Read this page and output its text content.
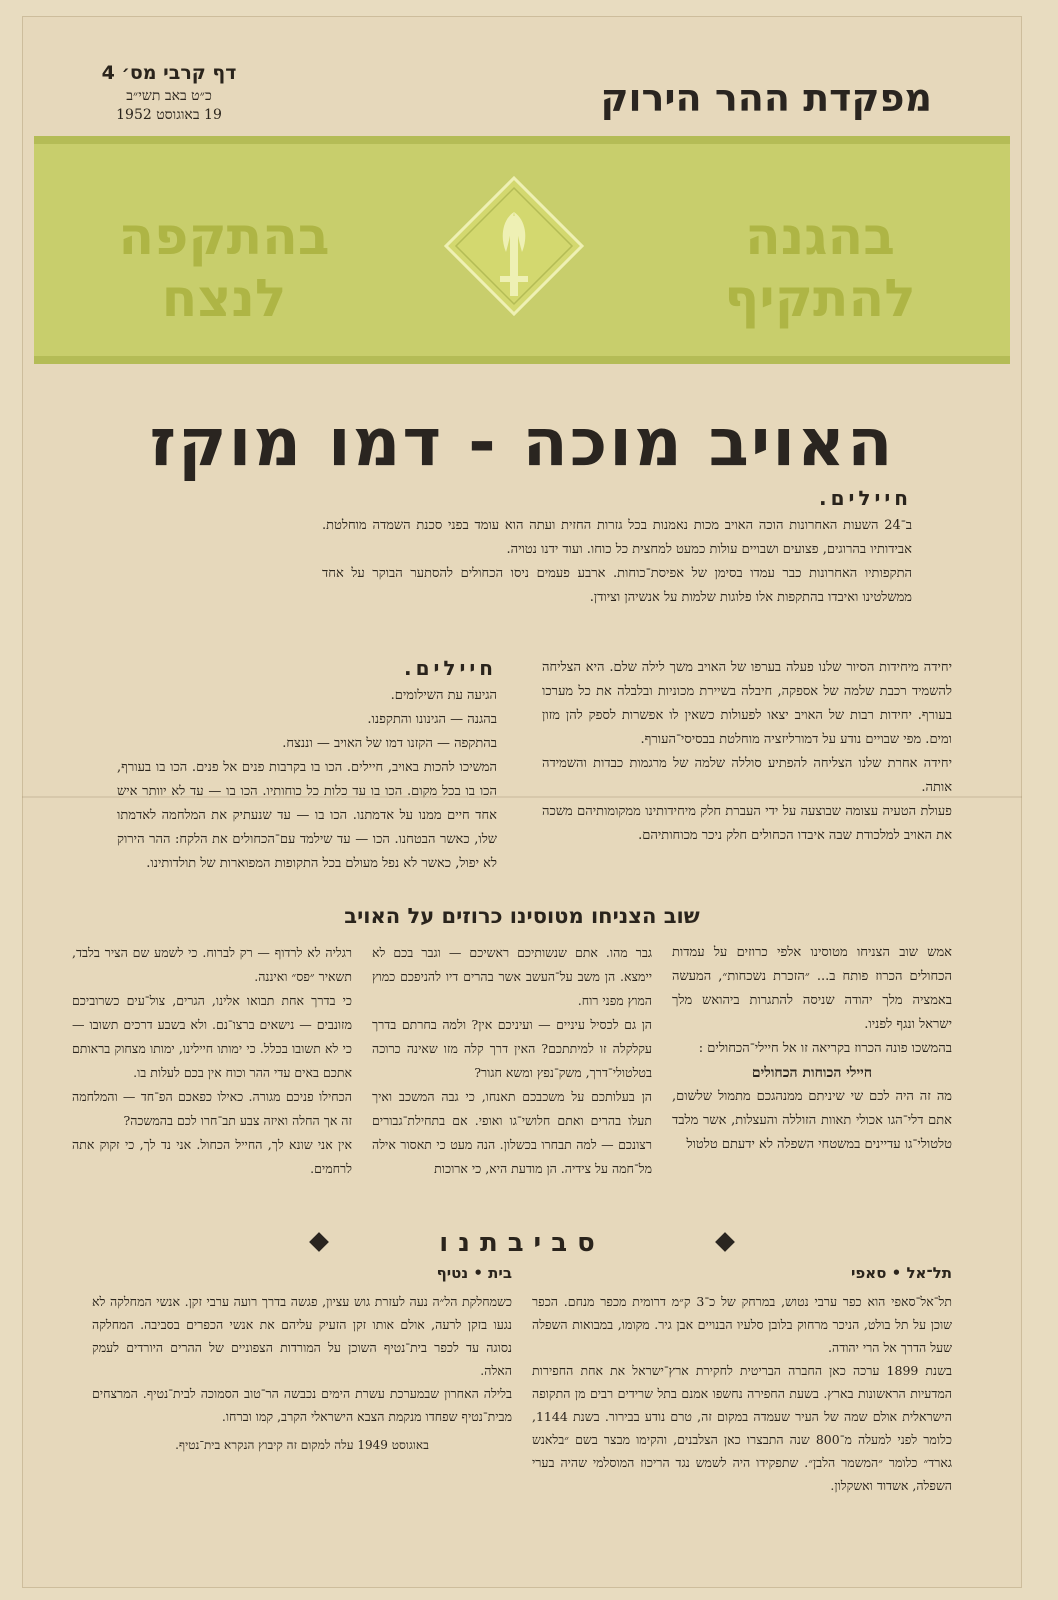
מפקדת ההר הירוק
דף קרבי מס׳ 4
כ״ט באב תשי״ב
19 באוגוסט 1952
בהגנה
להתקיף
בהתקפה
לנצח
האויב מוכה - דמו מוקז
חיילים.

ב־24 השעות האחרונות הוכה האויב מכות נאמנות בכל גזרות החזית ועתה הוא עומד בפני סכנת השמדה מוחלטת. אבידותיו בהרוגים, פצועים ושבויים עולות כמעט למחצית כל כוחו. ועוד ידנו נטויה.

התקפותיו האחרונות כבר עמדו בסימן של אפיסת־כוחות. ארבע פעמים ניסו הכחולים להסתער הבוקר על אחד ממשלטינו ואיבדו בהתקפות אלו פלוגות שלמות על אנשיהן וציודן.

יחידה מיחידות הסיור שלנו פעלה בערפו של האויב משך לילה שלם. היא הצליחה להשמיד רכבת שלמה של אספקה, חיבלה בשיירת מכוניות ובלבלה את כל מערכו בעורף. יחידות רבות של האויב יצאו לפעולות כשאין לו אפשרות לספק להן מזון ומים. מפי שבויים נודע על דמורליזציה מוחלטת בבסיסי־העורף.

יחידה אחרת שלנו הצליחה להפתיע סוללה שלמה של מרגמות כבדות והשמידה אותה.

פעולת הטעיה עצומה שבוצעה על ידי העברת חלק מיחידותינו ממקומותיהם משכה את האויב למלכודת שבה איבדו הכחולים חלק ניכר מכוחותיהם.

חיילים.

הגיעה עת השילומים.

בהגנה — הגינונו והתקפנו.

בהתקפה — הקזנו דמו של האויב — וננצח.

המשיכו להכות באויב, חיילים. הכו בו בקרבות פנים אל פנים. הכו בו בעורף, הכו בו בכל מקום. הכו בו עד כלות כל כוחותיו. הכו בו — עד לא יוותר איש אחד חיים ממנו על אדמתנו. הכו בו — עד שנעתיק את המלחמה לאדמתו שלו, כאשר הבטחנו. הכו — עד שילמד עם־הכחולים את הלקח: ההר הירוק לא יפול, כאשר לא נפל מעולם בכל התקופות המפוארות של תולדותינו.

שוב הצניחו מטוסינו כרוזים על האויב

אמש שוב הצניחו מטוסינו אלפי כרוזים על עמדות הכחולים הכרוז פותח ב... ״הזכרת נשכחות״, המעשה באמציה מלך יהודה שניסה להתגרות ביהואש מלך ישראל ונגף לפניו.

בהמשכו פונה הכרוז בקריאה זו אל חיילי־הכחולים :

חיילי הכוחות הכחולים

מה זה היה לכם שי שיניתם ממנהגכם מתמול שלשום, אתם דלי־הגו אכולי תאוות הזוללה והעצלות, אשר מלבד טלטולי־גו עדיינים במשטחי השפלה לא ידעתם טלטול

גבר מהו. אתם שנשותיכם ראשיכם — וגבר בכם לא יימצא. הן משב על־העשב אשר בהרים דיו להניפכם כמוץ המוץ מפני רוח.

הן גם לכסיל עיניים — ועיניכם אין? ולמה בחרתם בדרך עקלקלה זו למיתתכם? האין דרך קלה מזו שאינה כרוכה בטלטולי־דרך, משק־נפץ ומשא חגור?

הן בעלותכם על משכבכם תאנחו, כי גבה המשכב ואיך תעלו בהרים ואתם חלושי־גו ואופי. אם בתחילת־גבורים רצונכם — למה תבחרו בכשלון. הנה מעט כי תאסור אילה מל־חמה על צידיה. הן מודעת היא, כי ארוכות

רגליה לא לרדוף — רק לברוח. כי לשמע שם הציר בלבד, תשאיר ״פס״ ואיננה.

כי בדרך אחת תבואו אלינו, הגרים, צול־עים כשרוביכם מזונבים — נישאים ברצו־נם. ולא בשבע דרכים תשובו — כי לא תשובו בכלל. כי ימותו חיילינו, ימותו מצחוק בראותם אתכם באים עדי ההר וכוח אין בכם לעלות בו.

הכחילו פניכם מגורה. כאילו כפאכם הפ־חד — והמלחמה זה אך החלה ואיזה צבע תב־חרו לכם בהמשכה?

אין אני שונא לך, החייל הכחול. אני נד לך, כי זקוק אתה לרחמים.

סביבתנו
תל־אל • סאפי

תל־אל־סאפי הוא כפר ערבי נטוש, במרחק של כ־3 ק״מ דרומית מכפר מנחם. הכפר שוכן על תל בולט, הניכר מרחוק בלובן סלעיו הבנויים אבן גיר. מקומו, במבואות השפלה שעל הדרך אל הרי יהודה.

בשנת 1899 ערכה כאן החברה הבריטית לחקירת ארץ־ישראל את אחת החפירות המדעיות הראשונות בארץ. בשעת החפירה נחשפו אמנם בתל שרידים רבים מן התקופה הישראלית אולם שמה של העיר שעמדה במקום זה, טרם נודע בבירור. בשנת 1144, כלומר לפני למעלה מ־800 שנה התבצרו כאן הצלבנים, והקימו מבצר בשם ״בלאנש גארד״ כלומר ״המשמר הלבן״. שתפקידו היה לשמש נגד הריכוז המוסלמי שהיה בערי השפלה, אשדוד ואשקלון.

בית • נטיף

כשמחלקת הל״ה נעה לעזרת גוש עציון, פגשה בדרך רועה ערבי זקן. אנשי המחלקה לא נגעו בזקן לרעה, אולם אותו זקן הזעיק עליהם את אנשי הכפרים בסביבה. המחלקה נסוגה עד לכפר בית־נטיף השוכן על המורדות הצפוניים של ההרים היורדים לעמק האלה.

בלילה האחרון שבמערכת עשרת הימים נכבשה הר־טוב הסמוכה לבית־נטיף. המרצחים מבית־נטיף שפחדו מנקמת הצבא הישראלי הקרב, קמו וברחו.

באוגוסט 1949 עלה למקום זה קיבוץ הנקרא בית־נטיף.
